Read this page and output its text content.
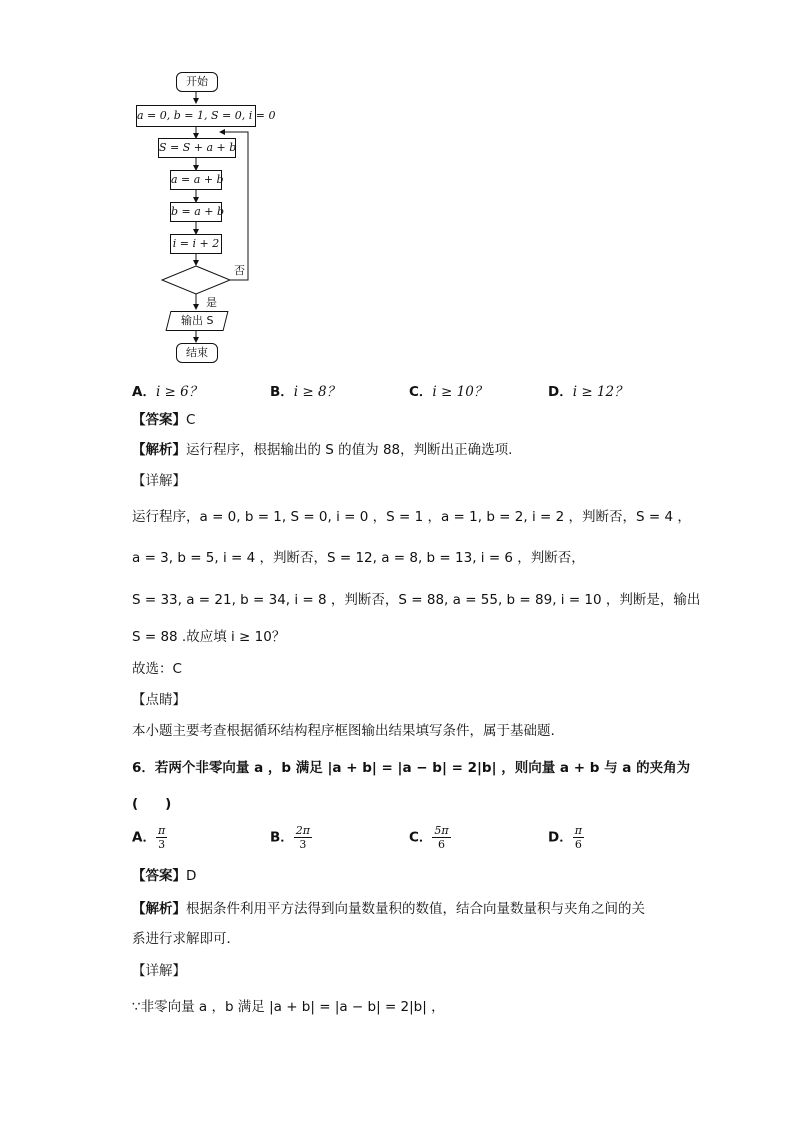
开始
a = 0, b = 1, S = 0, i = 0
S = S + a + b
a = a + b
b = a + b
i = i + 2
否
是
输出 S
结束
A．i ≥ 6？	B．i ≥ 8？	C．i ≥ 10？	D．i ≥ 12？
【答案】C
【解析】运行程序，根据输出的 S 的值为 88，判断出正确选项.
【详解】
运行程序，a = 0, b = 1, S = 0, i = 0 ，S = 1 ，a = 1, b = 2, i = 2 ，判断否，S = 4 ，
a = 3, b = 5, i = 4 ，判断否，S = 12, a = 8, b = 13, i = 6 ，判断否，
S = 33, a = 21, b = 34, i = 8 ，判断否，S = 88, a = 55, b = 89, i = 10 ，判断是，输出
S = 88 .故应填 i ≥ 10？
故选：C
【点睛】
本小题主要考查根据循环结构程序框图输出结果填写条件，属于基础题.
6．若两个非零向量 a ，b 满足 |a + b| = |a − b| = 2|b| ，则向量 a + b 与 a 的夹角为
(　　)
A． $\frac{\pi}{3}$	B． $\frac{2\pi}{3}$	C． $\frac{5\pi}{6}$	D． $\frac{\pi}{6}$
【答案】D
【解析】根据条件利用平方法得到向量数量积的数值，结合向量数量积与夹角之间的关
系进行求解即可．
【详解】
∵非零向量 a ，b 满足 |a + b| = |a − b| = 2|b| ，
